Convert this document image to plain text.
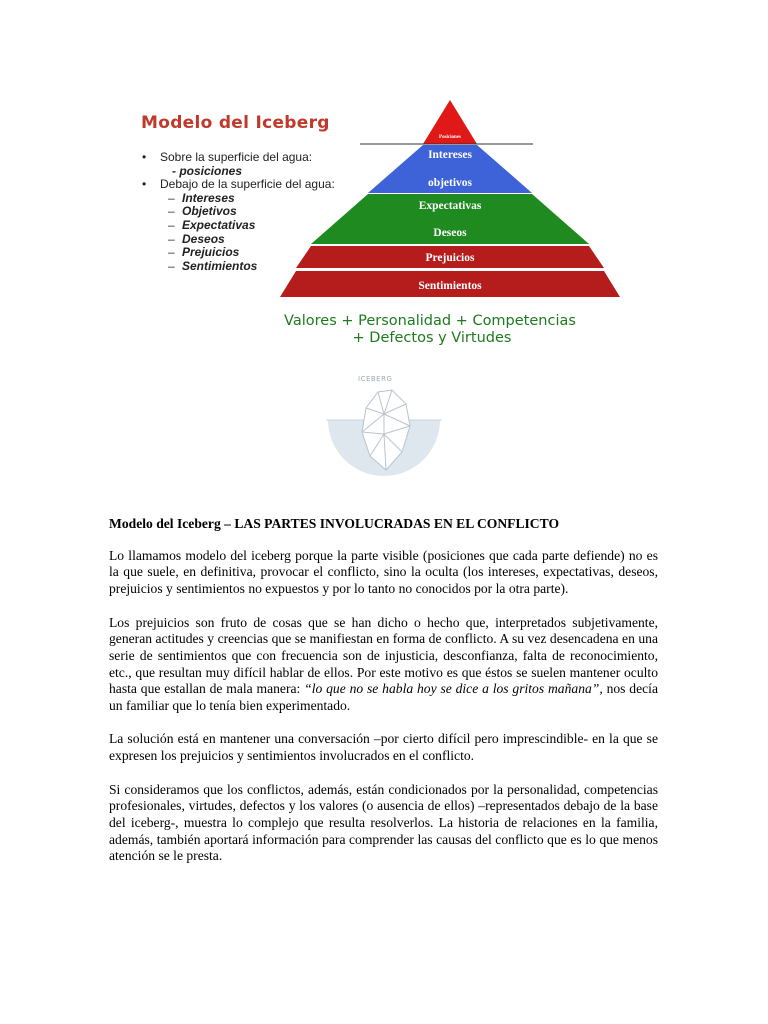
Modelo del Iceberg
• Sobre la superficie del agua:
- posiciones
• Debajo de la superficie del agua:
– Intereses
– Objetivos
– Expectativas
– Deseos
– Prejuicios
– Sentimientos
Posiciones
Intereses
objetivos
Expectativas
Deseos
Prejuicios
Sentimientos
Valores + Personalidad + Competencias
+ Defectos y Virtudes
ICEBERG
Modelo del Iceberg – LAS PARTES INVOLUCRADAS EN EL CONFLICTO

Lo llamamos modelo del iceberg porque la parte visible (posiciones que cada parte defiende) no es la que suele, en definitiva, provocar el conflicto, sino la oculta (los intereses, expectativas, deseos, prejuicios y sentimientos no expuestos y por lo tanto no conocidos por la otra parte).

Los prejuicios son fruto de cosas que se han dicho o hecho que, interpretados subjetivamente, generan actitudes y creencias que se manifiestan en forma de conflicto. A su vez desencadena en una serie de sentimientos que con frecuencia son de injusticia, desconfianza, falta de reconocimiento, etc., que resultan muy difícil hablar de ellos. Por este motivo es que éstos se suelen mantener oculto hasta que estallan de mala manera: “lo que no se habla hoy se dice a los gritos mañana”, nos decía un familiar que lo tenía bien experimentado.

La solución está en mantener una conversación –por cierto difícil pero imprescindible- en la que se expresen los prejuicios y sentimientos involucrados en el conflicto.

Si consideramos que los conflictos, además, están condicionados por la personalidad, competencias profesionales, virtudes, defectos y los valores (o ausencia de ellos) –representados debajo de la base del iceberg-, muestra lo complejo que resulta resolverlos. La historia de relaciones en la familia, además, también aportará información para comprender las causas del conflicto que es lo que menos atención se le presta.
